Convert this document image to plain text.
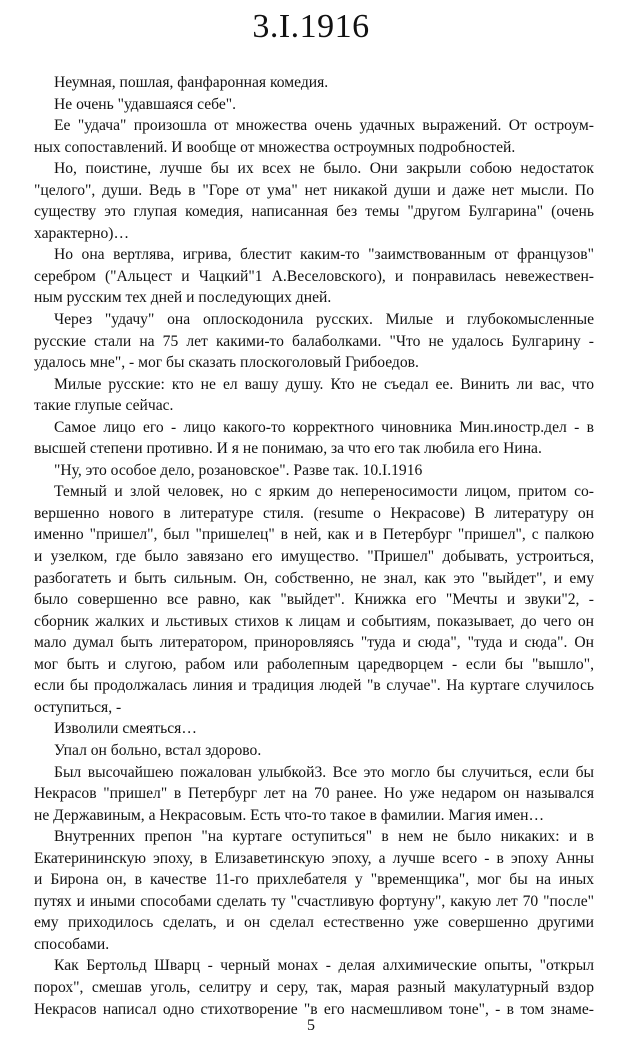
3.I.1916
Неумная, пошлая, фанфаронная комедия.
Не очень "удавшаяся себе".
Ее "удача" произошла от множества очень удачных выражений. От остроум-
ных сопоставлений. И вообще от множества остроумных подробностей.
Но, поистине, лучше бы их всех не было. Они закрыли собою недостаток
"целого", души. Ведь в "Горе от ума" нет никакой души и даже нет мысли. По
существу это глупая комедия, написанная без темы "другом Булгарина" (очень
характерно)…
Но она вертлява, игрива, блестит каким-то "заимствованным от французов"
серебром ("Альцест и Чацкий"1 А.Веселовского), и понравилась невежествен-
ным русским тех дней и последующих дней.
Через "удачу" она оплоскодонила русских. Милые и глубокомысленные
русские стали на 75 лет какими-то балаболками. "Что не удалось Булгарину -
удалось мне", - мог бы сказать плоскоголовый Грибоедов.
Милые русские: кто не ел вашу душу. Кто не съедал ее. Винить ли вас, что
такие глупые сейчас.
Самое лицо его - лицо какого-то корректного чиновника Мин.иностр.дел - в
высшей степени противно. И я не понимаю, за что его так любила его Нина.
"Ну, это особое дело, розановское". Разве так. 10.I.1916
Темный и злой человек, но с ярким до непереносимости лицом, притом со-
вершенно нового в литературе стиля. (resume о Некрасове) В литературу он
именно "пришел", был "пришелец" в ней, как и в Петербург "пришел", с палкою
и узелком, где было завязано его имущество. "Пришел" добывать, устроиться,
разбогатеть и быть сильным. Он, собственно, не знал, как это "выйдет", и ему
было совершенно все равно, как "выйдет". Книжка его "Мечты и звуки"2, -
сборник жалких и льстивых стихов к лицам и событиям, показывает, до чего он
мало думал быть литератором, приноровляясь "туда и сюда", "туда и сюда". Он
мог быть и слугою, рабом или раболепным царедворцем - если бы "вышло",
если бы продолжалась линия и традиция людей "в случае". На куртаге случилось
оступиться, -
Изволили смеяться…
Упал он больно, встал здорово.
Был высочайшею пожалован улыбкой3. Все это могло бы случиться, если бы
Некрасов "пришел" в Петербург лет на 70 ранее. Но уже недаром он назывался
не Державиным, а Некрасовым. Есть что-то такое в фамилии. Магия имен…
Внутренних препон "на куртаге оступиться" в нем не было никаких: и в
Екатерининскую эпоху, в Елизаветинскую эпоху, а лучше всего - в эпоху Анны
и Бирона он, в качестве 11-го прихлебателя у "временщика", мог бы на иных
путях и иными способами сделать ту "счастливую фортуну", какую лет 70 "после"
ему приходилось сделать, и он сделал естественно уже совершенно другими
способами.
Как Бертольд Шварц - черный монах - делая алхимические опыты, "открыл
порох", смешав уголь, селитру и серу, так, марая разный макулатурный вздор
Некрасов написал одно стихотворение "в его насмешливом тоне", - в том знаме-
5
